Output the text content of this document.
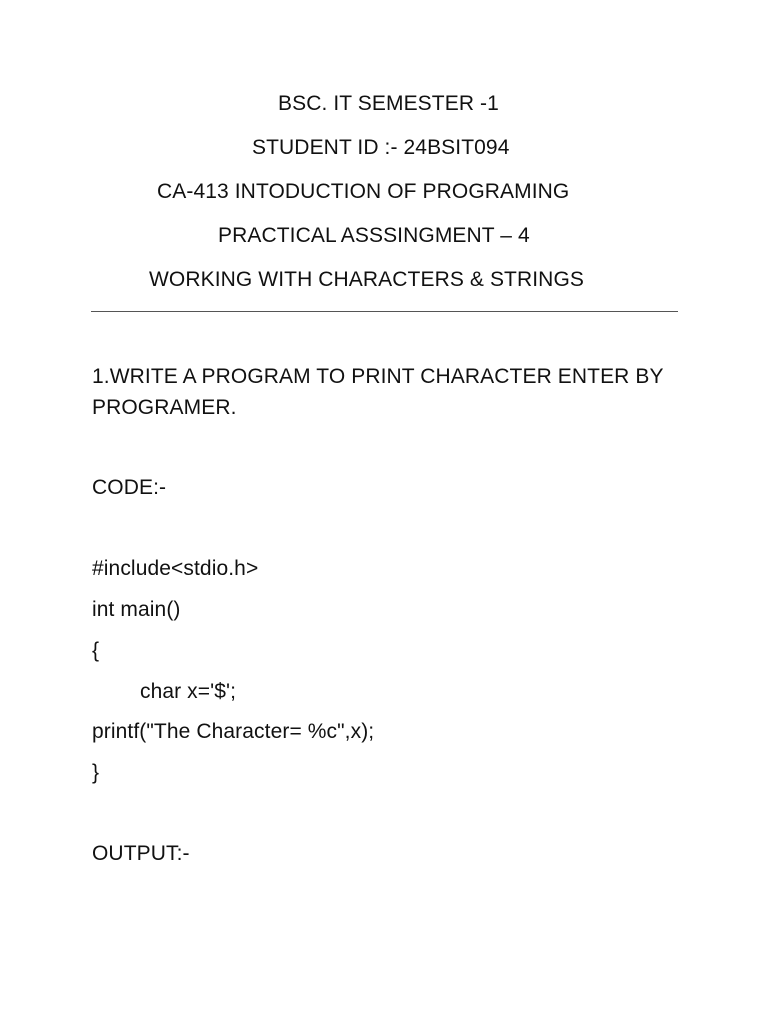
BSC. IT SEMESTER -1
STUDENT ID :- 24BSIT094
CA-413 INTODUCTION OF PROGRAMING
PRACTICAL ASSSINGMENT – 4
WORKING WITH CHARACTERS & STRINGS
1.WRITE A PROGRAM TO PRINT CHARACTER ENTER BY
PROGRAMER.
CODE:-
#include<stdio.h>
int main()
{
char x='$';
printf("The Character= %c",x);
}
OUTPUT:-
